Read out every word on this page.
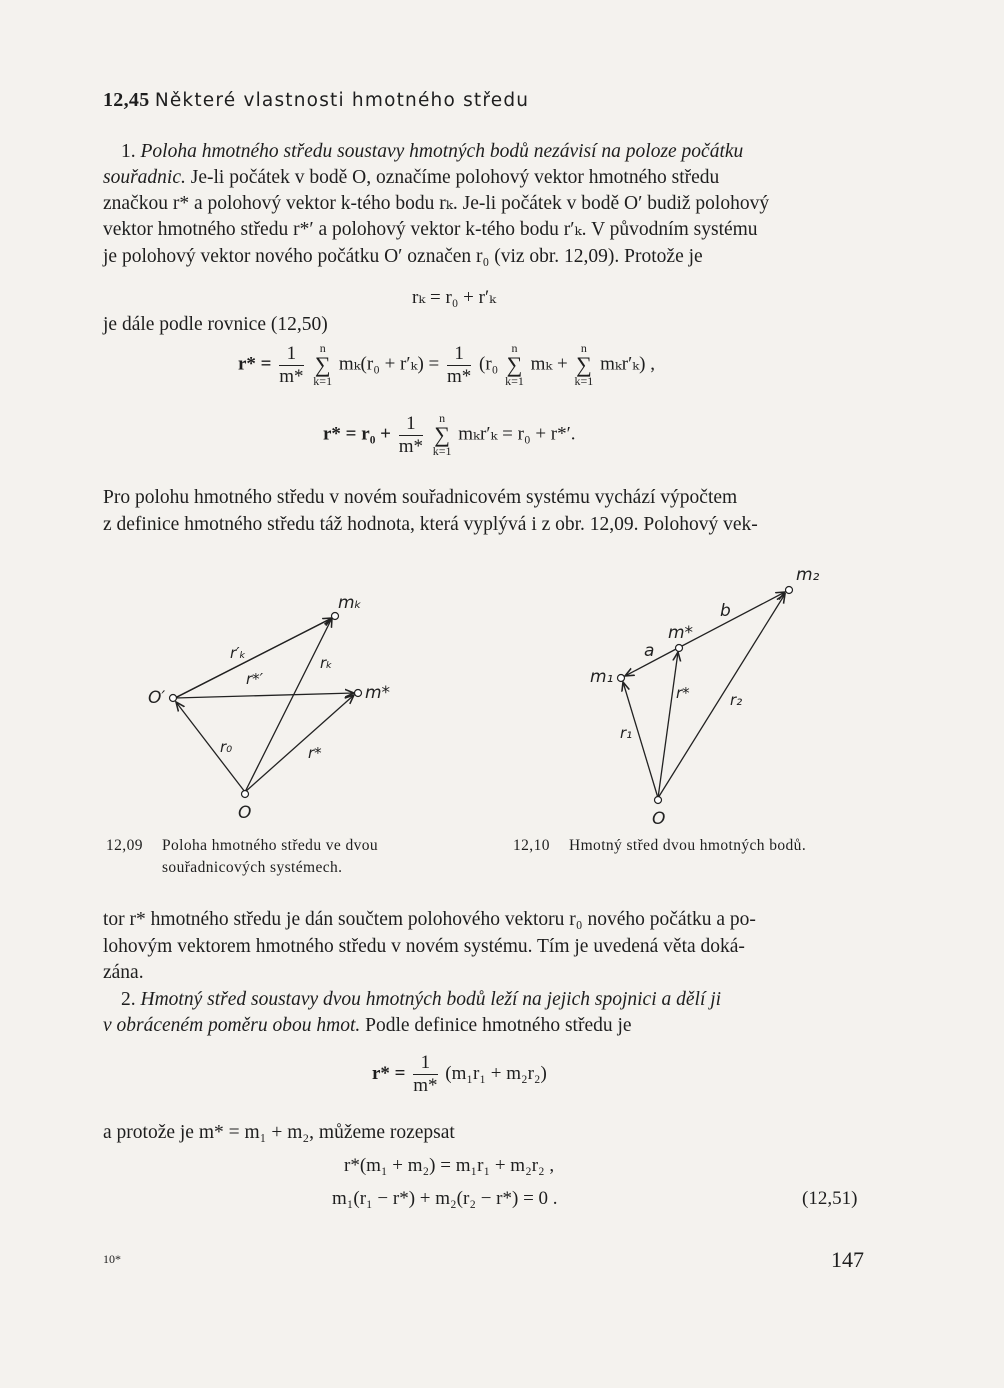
12,45 Některé vlastnosti hmotného středu
1. Poloha hmotného středu soustavy hmotných bodů nezávisí na poloze počátku
souřadnic. Je-li počátek v bodě O, označíme polohový vektor hmotného středu
značkou r* a polohový vektor k-tého bodu rₖ. Je-li počátek v bodě O′ budiž polohový
vektor hmotného středu r*′ a polohový vektor k-tého bodu r′ₖ. V původním systému
je polohový vektor nového počátku O′ označen r₀ (viz obr. 12,09). Protože je
rₖ = r₀ + r′ₖ
je dále podle rovnice (12,50)
$r* = \frac{1}{m*}$ n
∑
k=1 $m_k(r_0 + r'_k) = \frac{1}{m*} (r_0$ n
∑
k=1 mₖ + n
∑
k=1 mₖr′ₖ) ,
$r* = r_0 + \frac{1}{m*}$ n
∑
k=1 mₖr′ₖ = r₀ + r*′.
Pro polohu hmotného středu v novém souřadnicovém systému vychází výpočtem
z definice hmotného středu táž hodnota, která vyplývá i z obr. 12,09. Polohový vek-
mₖ
O′	m*
O
r′ₖ
rₖ
r*′
r₀	r*
m₂
b
m*
a
m₁
r*	r₂
r₁
O
12,09 Poloha hmotného středu ve dvou
souřadnicových systémech.
12,10 Hmotný střed dvou hmotných bodů.
tor r* hmotného středu je dán součtem polohového vektoru r₀ nového počátku a po-
lohovým vektorem hmotného středu v novém systému. Tím je uvedená věta doká-
zána.
2. Hmotný střed soustavy dvou hmotných bodů leží na jejich spojnici a dělí ji
v obráceném poměru obou hmot. Podle definice hmotného středu je
$r* = \frac{1}{m*} (m_1r_1 + m_2r_2)$
a protože je m* = m₁ + m₂, můžeme rozepsat
r*(m₁ + m₂) = m₁r₁ + m₂r₂ ,
m₁(r₁ − r*) + m₂(r₂ − r*) = 0 .	(12,51)
10*	147
